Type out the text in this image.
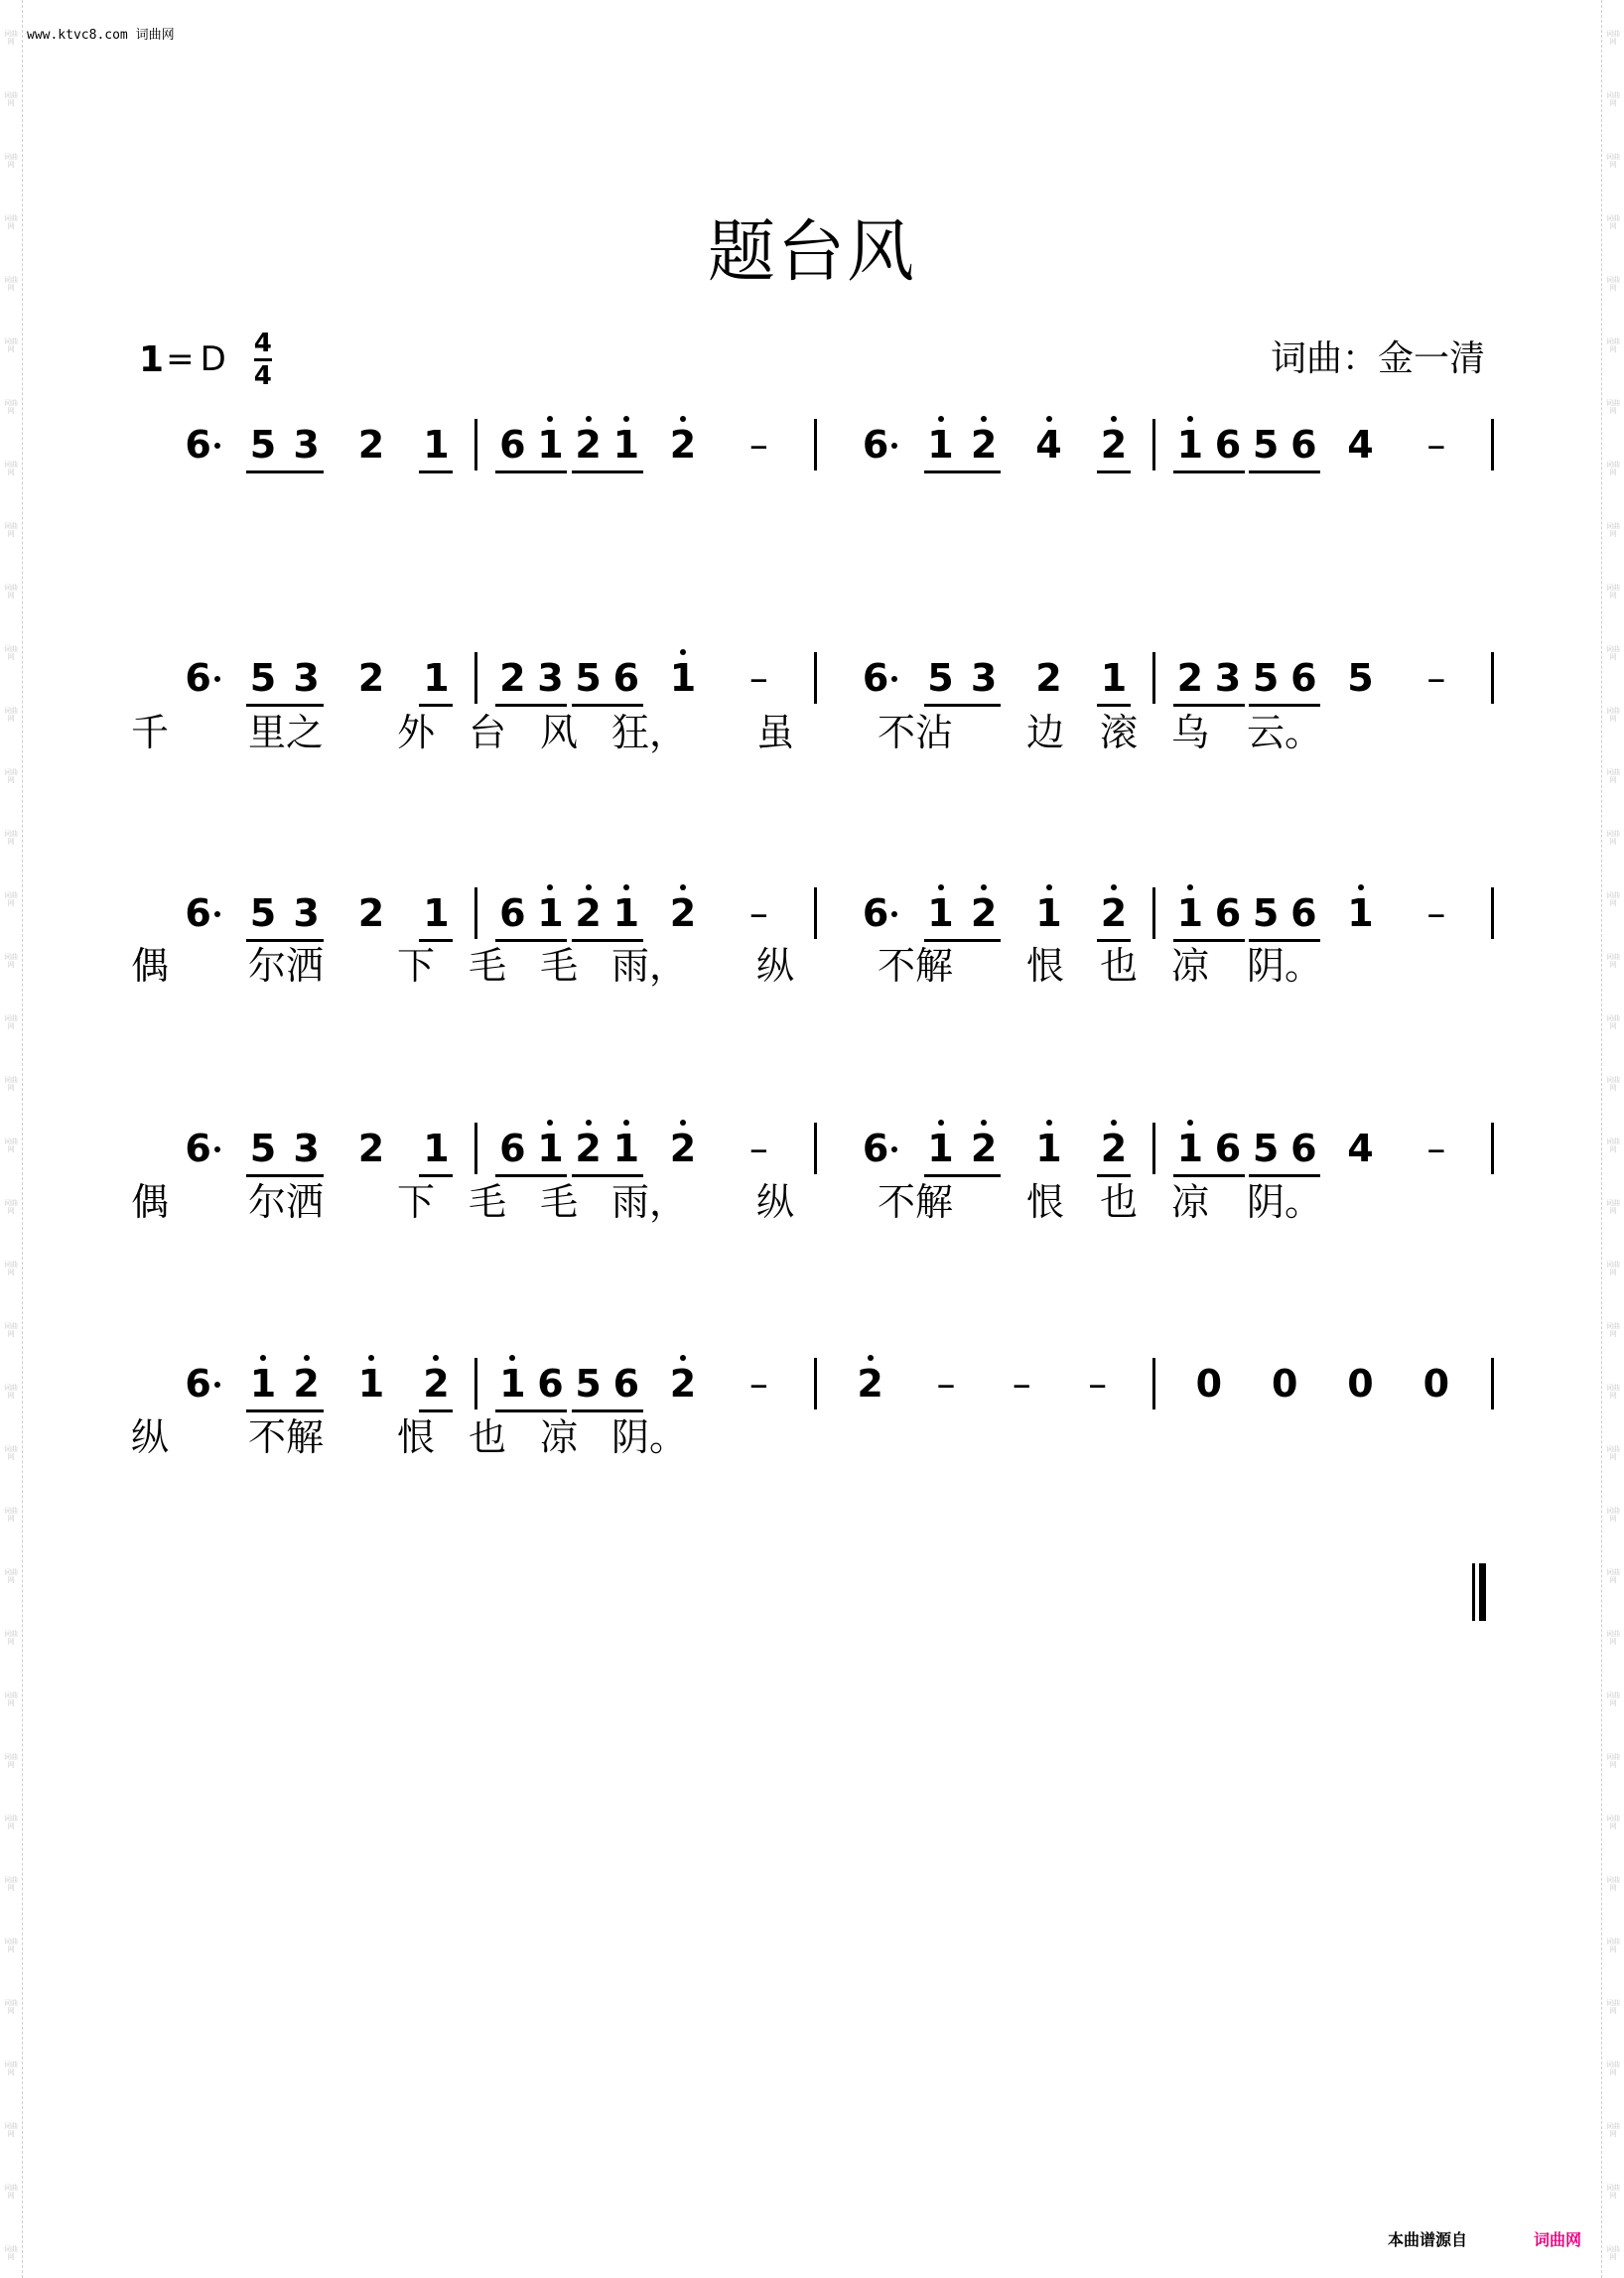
词曲网
词曲网
词曲网
词曲网
词曲网
词曲网
词曲网
词曲网
词曲网
词曲网
词曲网
词曲网
词曲网
词曲网
词曲网
词曲网
词曲网
词曲网
词曲网
词曲网
词曲网
词曲网
词曲网
词曲网
词曲网
词曲网
词曲网
词曲网
词曲网
词曲网
词曲网
词曲网
词曲网
词曲网
词曲网
词曲网
词曲网
词曲网
词曲网
词曲网
词曲网
词曲网
词曲网
词曲网
词曲网
词曲网
词曲网
词曲网
词曲网
词曲网
词曲网
词曲网
词曲网
词曲网
词曲网
词曲网
词曲网
词曲网
词曲网
词曲网
词曲网
词曲网
词曲网
词曲网
词曲网
词曲网
词曲网
词曲网
词曲网
词曲网
词曲网
词曲网
词曲网
词曲网
www.ktvc8.com 词曲网
题台风
1 = D 4
4	词曲：金一清
6 5 3 2 1 6 1 2 1 2 –	6 1 2 4 2 1 6 5 6 4 –
6 5 3 2 1 2 3 5 6 1 –	6 5 3 2 1 2 3 5 6 5 –
千 里之 外 台 风 狂， 虽 不沾 边 滚 乌 云。
6 5 3 2 1 6 1 2 1 2 –	6 1 2 1 2 1 6 5 6 1 –
偶 尔洒 下 毛 毛 雨， 纵 不解 恨 也 凉 阴。
6 5 3 2 1 6 1 2 1 2 –	6 1 2 1 2 1 6 5 6 4 –
偶 尔洒 下 毛 毛 雨， 纵 不解 恨 也 凉 阴。
6 1 2 1 2 1 6 5 6 2 – 2 – – – 0 0 0 0
纵 不解 恨 也 凉 阴。
本曲谱源自	词曲网
